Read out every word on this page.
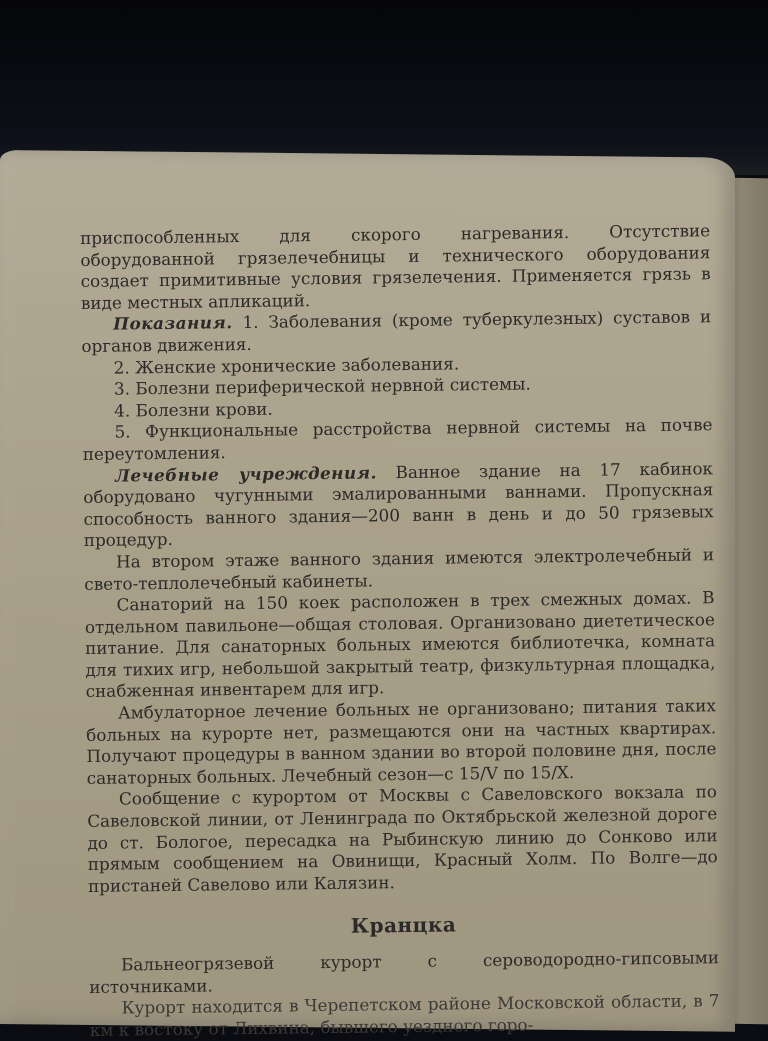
приспособленных для скорого нагревания. Отсутствие оборудованной грязелечебницы и технического оборудования создает примитивные условия грязелечения. Применяется грязь в виде местных апликаций.

Показания. 1. Заболевания (кроме туберкулезных) суставов и органов движения.

2. Женские хронические заболевания.

3. Болезни периферической нервной системы.

4. Болезни крови.

5. Функциональные расстройства нервной системы на почве переутомления.

Лечебные учреждения. Ванное здание на 17 кабинок оборудовано чугунными эмалированными ваннами. Пропускная способность ванного здания—200 ванн в день и до 50 грязевых процедур.

На втором этаже ванного здания имеются электролечебный и свето-теплолечебный кабинеты.

Санаторий на 150 коек расположен в трех смежных домах. В отдельном павильоне—общая столовая. Организовано диететическое питание. Для санаторных больных имеются библиотечка, комната для тихих игр, небольшой закрытый театр, физкультурная площадка, снабженная инвентарем для игр.

Амбулаторное лечение больных не организовано; питания таких больных на курорте нет, размещаются они на частных квартирах. Получают процедуры в ванном здании во второй половине дня, после санаторных больных. Лечебный сезон—с 15/V по 15/X.

Сообщение с курортом от Москвы с Савеловского вокзала по Савеловской линии, от Ленинграда по Октябрьской железной дороге до ст. Бологое, пересадка на Рыбинскую линию до Сонково или прямым сообщением на Овинищи, Красный Холм. По Волге—до пристаней Савелово или Калязин.

Кранцка

Бальнеогрязевой курорт с сероводородно-гипсовыми источниками.

Курорт находится в Черепетском районе Московской области, в 7 км к востоку от Лихвина, бывшего уездного горо-
